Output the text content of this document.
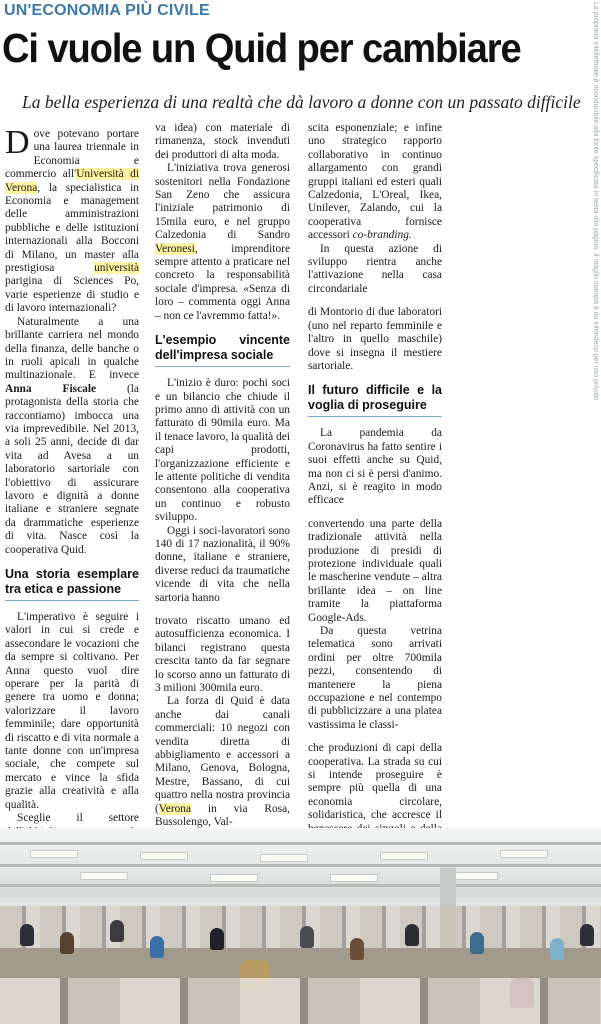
UN'ECONOMIA PIÙ CIVILE
Ci vuole un Quid per cambiare
La bella esperienza di una realtà che dà lavoro a donne con un passato difficile	La proprietà intellettuale è riconducibile alla fonte specificata in testa alla pagina. Il ritaglio stampa è da intendersi per uso privato

Dove potevano portare una laurea triennale in Economia e commercio all'Università di Verona, la specialistica in Economia e management delle amministrazioni pubbliche e delle istituzioni internazionali alla Bocconi di Milano, un master alla prestigiosa università parigina di Sciences Po, varie esperienze di studio e di lavoro internazionali?

Naturalmente a una brillante carriera nel mondo della finanza, delle banche o in ruoli apicali in qualche multinazionale. E invece Anna Fiscale (la protagonista della storia che raccontiamo) imbocca una via imprevedibile. Nel 2013, a soli 25 anni, decide di dar vita ad Avesa a un laboratorio sartoriale con l'obiettivo di assicurare lavoro e dignità a donne italiane e straniere segnate da drammatiche esperienze di vita. Nasce così la cooperativa Quid.

Una storia esemplare tra etica e passione

L'imperativo è seguire i valori in cui si crede e assecondare le vocazioni che da sempre si coltivano. Per Anna questo vuol dire operare per la parità di genere tra uomo e donna; valorizzare il lavoro femminile; dare opportunità di riscatto e di vita normale a tante donne con un'impresa sociale, che compete sul mercato e vince la sfida grazie alla creatività e alla qualità.

Sceglie il settore

va idea) con materiale di rimanenza, stock invenduti dei produttori di alta moda.

L'iniziativa trova generosi sostenitori nella Fondazione San Zeno che assicura l'iniziale patrimonio di 15mila euro, e nel gruppo Calzedonia di Sandro Veronesi, imprenditore sempre attento a praticare nel concreto la responsabilità sociale d'impresa. «Senza di loro – commenta oggi Anna – non ce l'avremmo fatta!».

L'esempio vincente dell'impresa sociale

L'inizio è duro: pochi soci e un bilancio che chiude il primo anno di attività con un fatturato di 90mila euro. Ma il tenace lavoro, la qualità dei capi prodotti, l'organizzazione efficiente e le attente politiche di vendita consentono alla cooperativa un continuo e robusto sviluppo.

Oggi i soci-lavoratori sono 140 di 17 nazionalità, il 90% donne, italiane e straniere, diverse reduci da traumatiche vicende di vita che nella sartoria hanno

trovato riscatto umano ed autosufficienza economica. I bilanci registrano questa crescita tanto da far segnare lo scorso anno un fatturato di 3 milioni 300mila euro.

La forza di Quid è data anche dai canali commerciali: 10 negozi con vendita diretta di abbigliamento e accessori a Milano, Genova, Bologna, Mestre, Bassano, di cui quattro nella nostra provincia (Verona in via Rosa, Bussolengo, Val-

scita esponenziale; e infine uno strategico rapporto collaborativo in continuo allargamento con grandi gruppi italiani ed esteri quali Calzedonia, L'Oreal, Ikea, Unilever, Zalando, cui la cooperativa fornisce accessori co-branding.

In questa azione di sviluppo rientra anche l'attivazione nella casa circondariale

di Montorio di due laboratori (uno nel reparto femminile e l'altro in quello maschile) dove si insegna il mestiere sartoriale.

Il futuro difficile e la voglia di proseguire

La pandemia da Coronavirus ha fatto sentire i suoi effetti anche su Quid, ma non ci si è persi d'animo. Anzi, si è reagito in modo efficace

convertendo una parte della tradizionale attività nella produzione di presidi di protezione individuale quali le mascherine vendute – altra brillante idea – on line tramite la piattaforma Google-Ads.

Da questa vetrina telematica sono arrivati ordini per oltre 700mila pezzi, consentendo di mantenere la piena occupazione e nel contempo di pubblicizzare a una platea vastissima le classi-

che produzioni di capi della cooperativa. La strada su cui si intende proseguire è sempre più quella di una economia circolare, solidaristica, che accresce il
